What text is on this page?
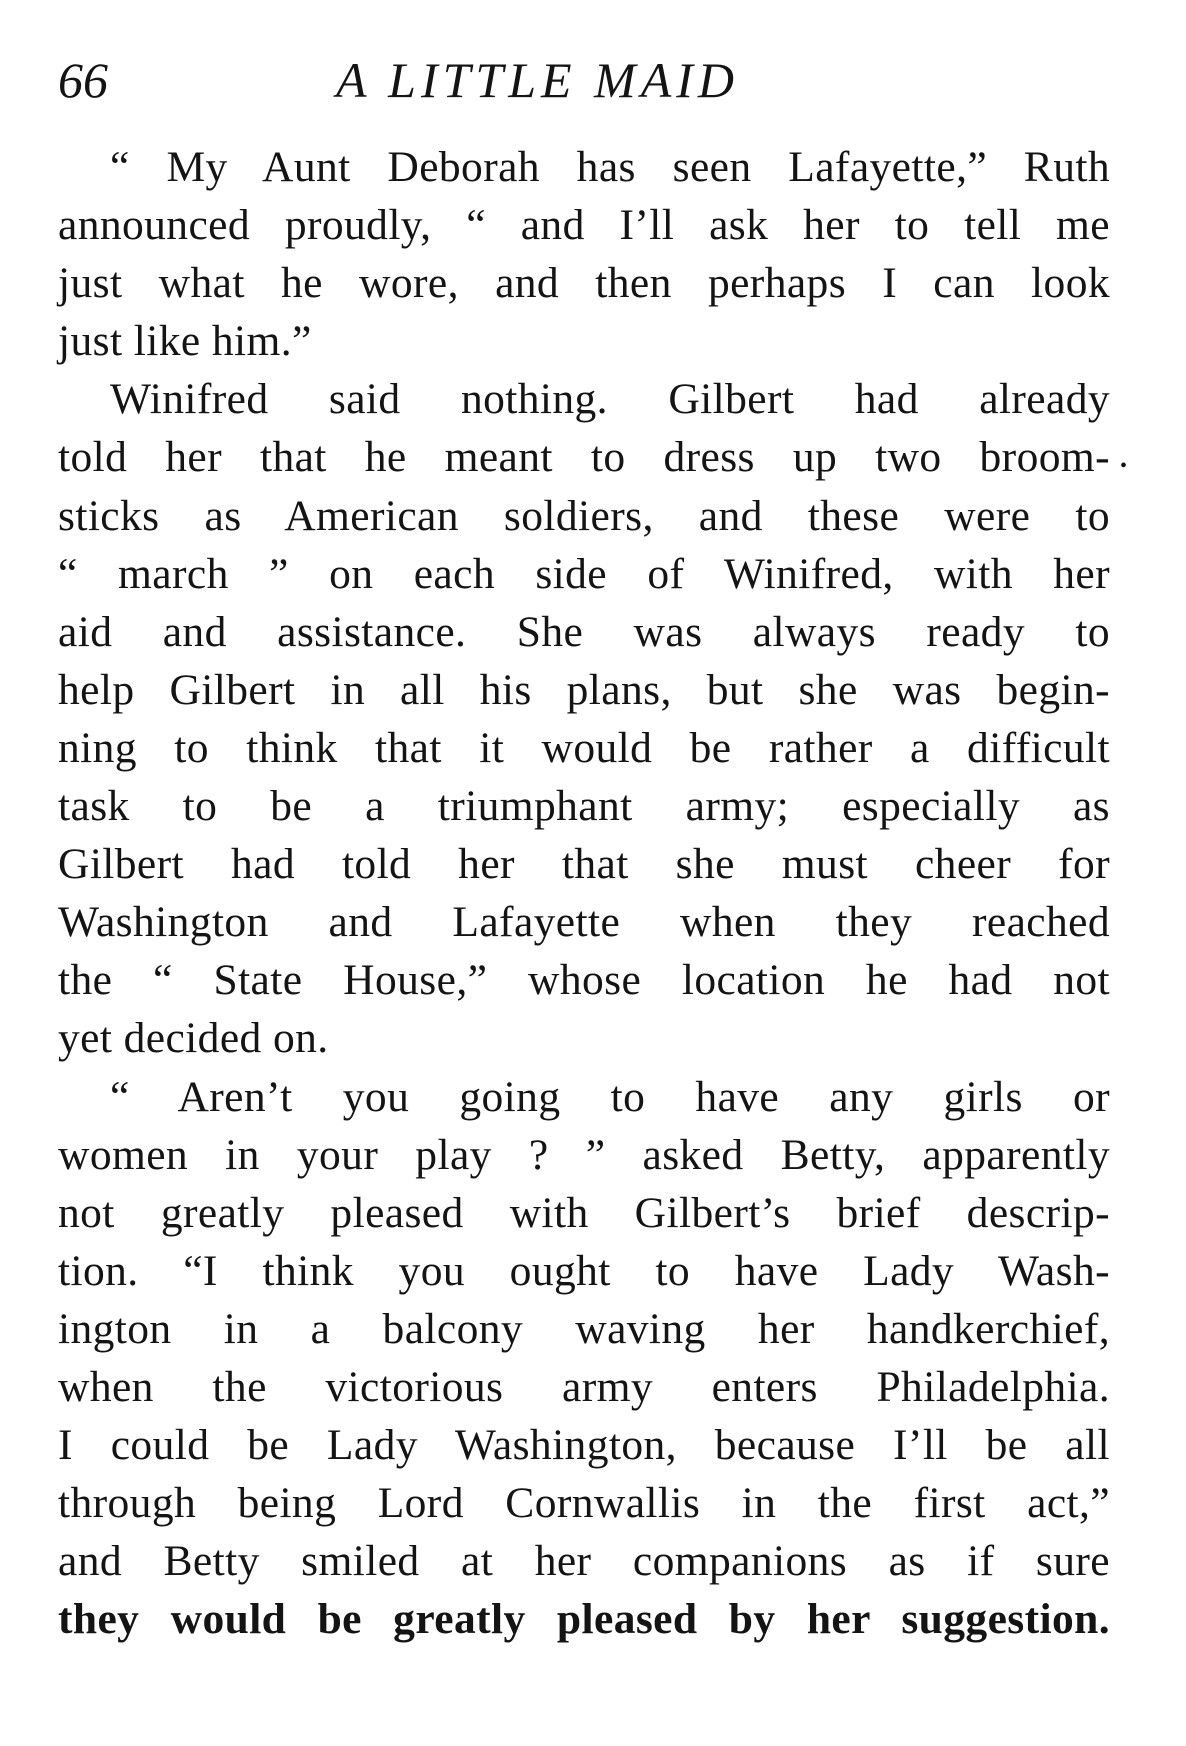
66	A LITTLE MAID
•
“ My Aunt Deborah has seen Lafayette,” Ruth
announced proudly, “ and I’ll ask her to tell me
just what he wore, and then perhaps I can look
just like him.”
Winifred said nothing. Gilbert had already
told her that he meant to dress up two broom-
sticks as American soldiers, and these were to
“ march ” on each side of Winifred, with her
aid and assistance. She was always ready to
help Gilbert in all his plans, but she was begin-
ning to think that it would be rather a difficult
task to be a triumphant army; especially as
Gilbert had told her that she must cheer for
Washington and Lafayette when they reached
the “ State House,” whose location he had not
yet decided on.
“ Aren’t you going to have any girls or
women in your play ? ” asked Betty, apparently
not greatly pleased with Gilbert’s brief descrip-
tion. “I think you ought to have Lady Wash-
ington in a balcony waving her handkerchief,
when the victorious army enters Philadelphia.
I could be Lady Washington, because I’ll be all
through being Lord Cornwallis in the first act,”
and Betty smiled at her companions as if sure
they would be greatly pleased by her suggestion.
